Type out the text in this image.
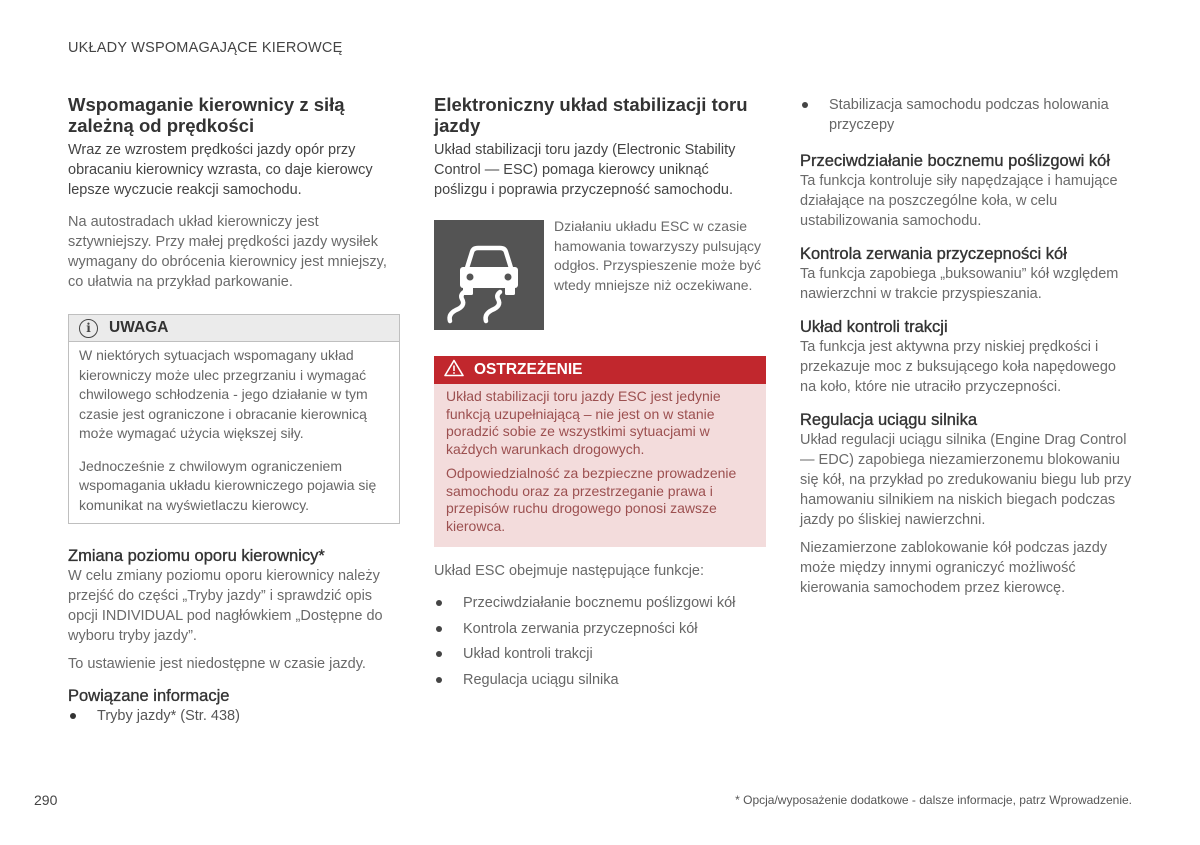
UKŁADY WSPOMAGAJĄCE KIEROWCĘ
Wspomaganie kierownicy z siłą zależną od prędkości

Wraz ze wzrostem prędkości jazdy opór przy obracaniu kierownicy wzrasta, co daje kierowcy lepsze wyczucie reakcji samochodu.

Na autostradach układ kierowniczy jest sztywniejszy. Przy małej prędkości jazdy wysiłek wymagany do obrócenia kierownicy jest mniejszy, co ułatwia na przykład parkowanie.

i	UWAGA

W niektórych sytuacjach wspomagany układ kierowniczy może ulec przegrzaniu i wymagać chwilowego schłodzenia - jego działanie w tym czasie jest ograniczone i obracanie kierownicą może wymagać użycia większej siły.

Jednocześnie z chwilowym ograniczeniem wspomagania układu kierowniczego pojawia się komunikat na wyświetlaczu kierowcy.

Zmiana poziomu oporu kierownicy*

W celu zmiany poziomu oporu kierownicy należy przejść do części „Tryby jazdy” i sprawdzić opis opcji INDIVIDUAL pod nagłówkiem „Dostępne do wyboru tryby jazdy”.

To ustawienie jest niedostępne w czasie jazdy.

Powiązane informacje
Tryby jazdy* (Str. 438)
Elektroniczny układ stabilizacji toru jazdy

Układ stabilizacji toru jazdy (Electronic Stability Control — ESC) pomaga kierowcy uniknąć poślizgu i poprawia przyczepność samochodu.

Działaniu układu ESC w czasie hamowania towarzyszy pulsujący odgłos. Przyspieszenie może być wtedy mniejsze niż oczekiwane.

OSTRZEŻENIE

Układ stabilizacji toru jazdy ESC jest jedynie funkcją uzupełniającą – nie jest on w stanie poradzić sobie ze wszystkimi sytuacjami w każdych warunkach drogowych.

Odpowiedzialność za bezpieczne prowadzenie samochodu oraz za przestrzeganie prawa i przepisów ruchu drogowego ponosi zawsze kierowca.

Układ ESC obejmuje następujące funkcje:

Przeciwdziałanie bocznemu poślizgowi kół
Kontrola zerwania przyczepności kół
Układ kontroli trakcji
Regulacja uciągu silnika
Stabilizacja samochodu podczas holowania przyczepy
Przeciwdziałanie bocznemu poślizgowi kół

Ta funkcja kontroluje siły napędzające i hamujące działające na poszczególne koła, w celu ustabilizowania samochodu.

Kontrola zerwania przyczepności kół

Ta funkcja zapobiega „buksowaniu” kół względem nawierzchni w trakcie przyspieszania.

Układ kontroli trakcji

Ta funkcja jest aktywna przy niskiej prędkości i przekazuje moc z buksującego koła napędowego na koło, które nie utraciło przyczepności.

Regulacja uciągu silnika

Układ regulacji uciągu silnika (Engine Drag Control — EDC) zapobiega niezamierzonemu blokowaniu się kół, na przykład po zredukowaniu biegu lub przy hamowaniu silnikiem na niskich biegach podczas jazdy po śliskiej nawierzchni.

Niezamierzone zablokowanie kół podczas jazdy może między innymi ograniczyć możliwość kierowania samochodem przez kierowcę.

290	* Opcja/wyposażenie dodatkowe - dalsze informacje, patrz Wprowadzenie.
